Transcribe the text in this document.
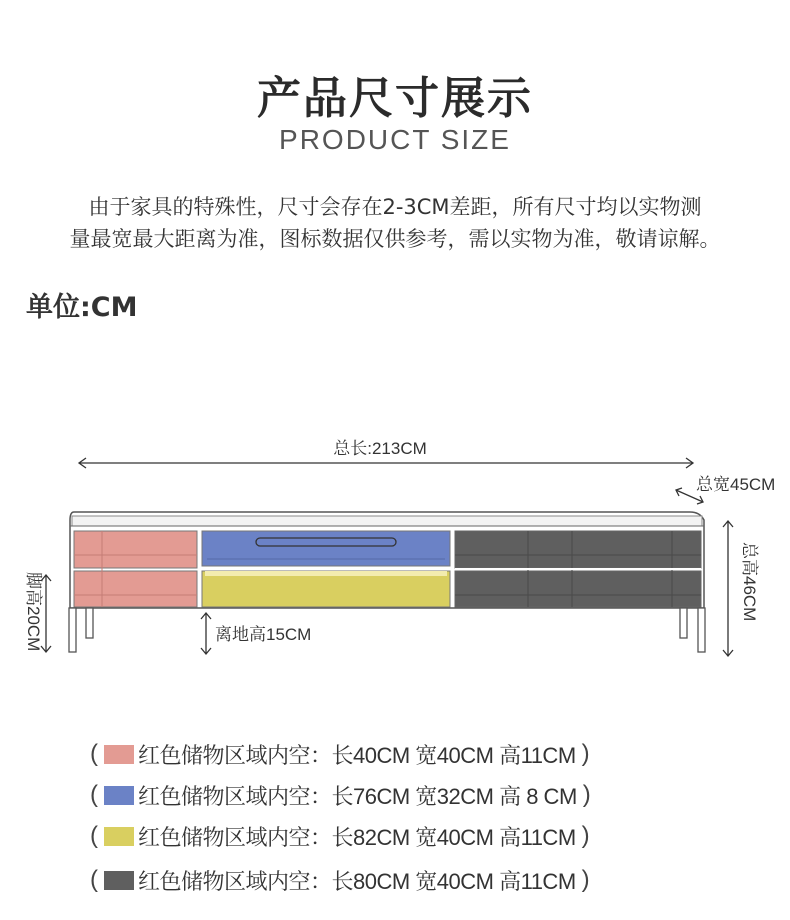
产品尺寸展示
PRODUCT SIZE
由于家具的特殊性，尺寸会存在2-3CM差距，所有尺寸均以实物测
量最宽最大距离为准，图标数据仅供参考，需以实物为准，敬请谅解。
单位:CM
总长:213CM
总宽45CM
总高46CM
脚高20CM	离地高15CM
( 红色储物区域内空：长40CM 宽40CM 高11CM )
( 红色储物区域内空：长76CM 宽32CM 高 8 CM )
( 红色储物区域内空：长82CM 宽40CM 高11CM )
( 红色储物区域内空：长80CM 宽40CM 高11CM )
